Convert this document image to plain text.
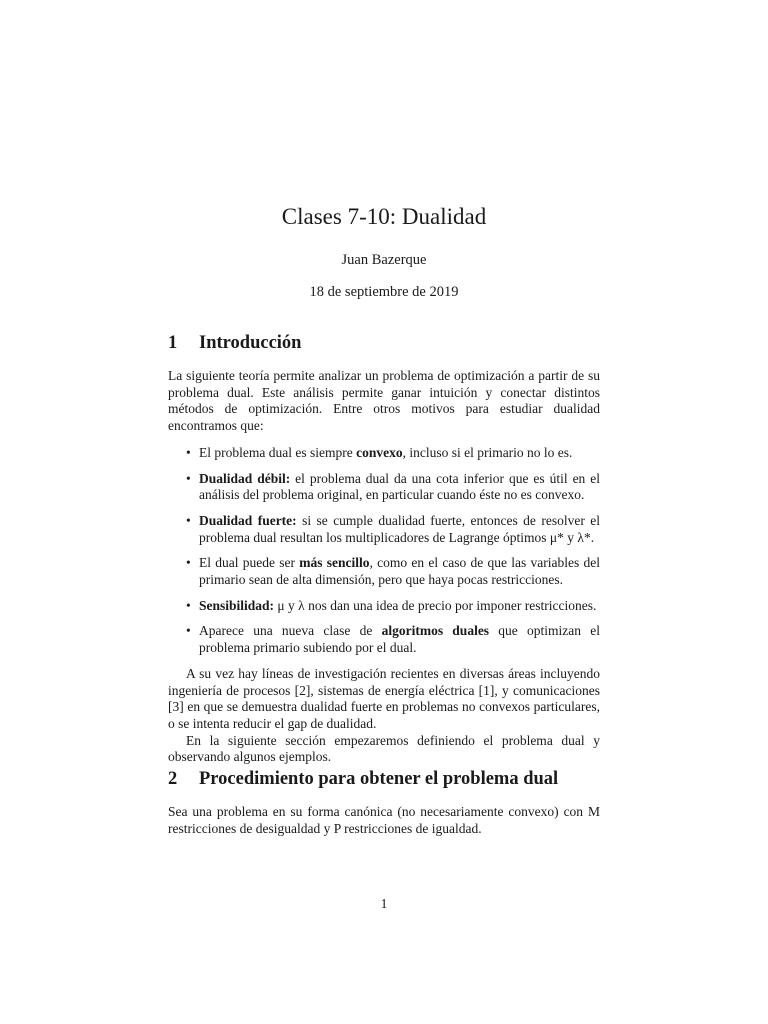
Clases 7-10: Dualidad
Juan Bazerque
18 de septiembre de 2019
1 Introducción

La siguiente teoría permite analizar un problema de optimización a partir de su problema dual. Este análisis permite ganar intuición y conectar distintos métodos de optimización. Entre otros motivos para estudiar dualidad encontramos que:

• El problema dual es siempre convexo, incluso si el primario no lo es.
• Dualidad débil: el problema dual da una cota inferior que es útil en el análisis del problema original, en particular cuando éste no es convexo.
• Dualidad fuerte: si se cumple dualidad fuerte, entonces de resolver el problema dual resultan los multiplicadores de Lagrange óptimos μ* y λ*.
• El dual puede ser más sencillo, como en el caso de que las variables del primario sean de alta dimensión, pero que haya pocas restricciones.
• Sensibilidad: μ y λ nos dan una idea de precio por imponer restricciones.
• Aparece una nueva clase de algoritmos duales que optimizan el problema primario subiendo por el dual.

A su vez hay líneas de investigación recientes en diversas áreas incluyendo ingeniería de procesos [2], sistemas de energía eléctrica [1], y comunicaciones [3] en que se demuestra dualidad fuerte en problemas no convexos particulares, o se intenta reducir el gap de dualidad.

En la siguiente sección empezaremos definiendo el problema dual y observando algunos ejemplos.

2 Procedimiento para obtener el problema dual

Sea una problema en su forma canónica (no necesariamente convexo) con M restricciones de desigualdad y P restricciones de igualdad.

1
